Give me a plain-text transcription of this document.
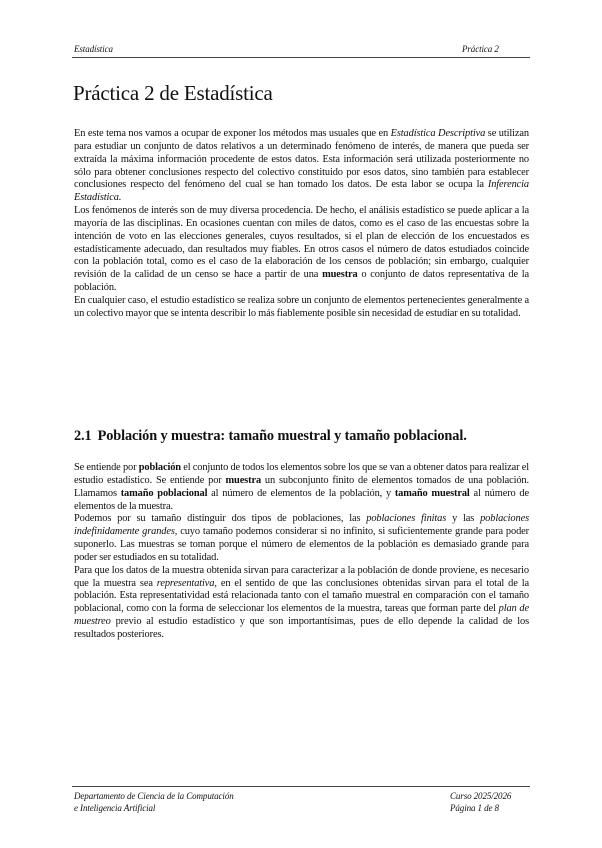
Estadística	Práctica 2
Práctica 2 de Estadística

En este tema nos vamos a ocupar de exponer los métodos mas usuales que en Estadística Descriptiva se utilizan para estudiar un conjunto de datos relativos a un determinado fenómeno de interés, de manera que pueda ser extraída la máxima información procedente de estos datos. Esta información será utilizada posteriormente no sólo para obtener conclusiones respecto del colectivo constituido por esos datos, sino también para establecer conclusiones respecto del fenómeno del cual se han tomado los datos. De esta labor se ocupa la Inferencia Estadística.

Los fenómenos de interés son de muy diversa procedencia. De hecho, el análisis estadístico se puede aplicar a la mayoría de las disciplinas. En ocasiones cuentan con miles de datos, como es el caso de las encuestas sobre la intención de voto en las elecciones generales, cuyos resultados, si el plan de elección de los encuestados es estadísticamente adecuado, dan resultados muy fiables. En otros casos el número de datos estudiados coincide con la población total, como es el caso de la elaboración de los censos de población; sin embargo, cualquier revisión de la calidad de un censo se hace a partir de una muestra o conjunto de datos representativa de la población.

En cualquier caso, el estudio estadístico se realiza sobre un conjunto de elementos pertenecientes generalmente a un colectivo mayor que se intenta describir lo más fiablemente posible sin necesidad de estudiar en su totalidad.

2.1 Población y muestra: tamaño muestral y tamaño poblacional.

Se entiende por población el conjunto de todos los elementos sobre los que se van a obtener datos para realizar el estudio estadístico. Se entiende por muestra un subconjunto finito de elementos tomados de una población. Llamamos tamaño poblacional al número de elementos de la población, y tamaño muestral al número de elementos de la muestra.

Podemos por su tamaño distinguir dos tipos de poblaciones, las poblaciones finitas y las poblaciones indefinidamente grandes, cuyo tamaño podemos considerar si no infinito, si suficientemente grande para poder suponerlo. Las muestras se toman porque el número de elementos de la población es demasiado grande para poder ser estudiados en su totalidad.

Para que los datos de la muestra obtenida sirvan para caracterizar a la población de donde proviene, es necesario que la muestra sea representativa, en el sentido de que las conclusiones obtenidas sirvan para el total de la población. Esta representatividad está relacionada tanto con el tamaño muestral en comparación con el tamaño poblacional, como con la forma de seleccionar los elementos de la muestra, tareas que forman parte del plan de muestreo previo al estudio estadístico y que son importantísimas, pues de ello depende la calidad de los resultados posteriores.

Departamento de Ciencia de la Computación
e Inteligencia Artificial
Curso 2025/2026
Página 1 de 8
